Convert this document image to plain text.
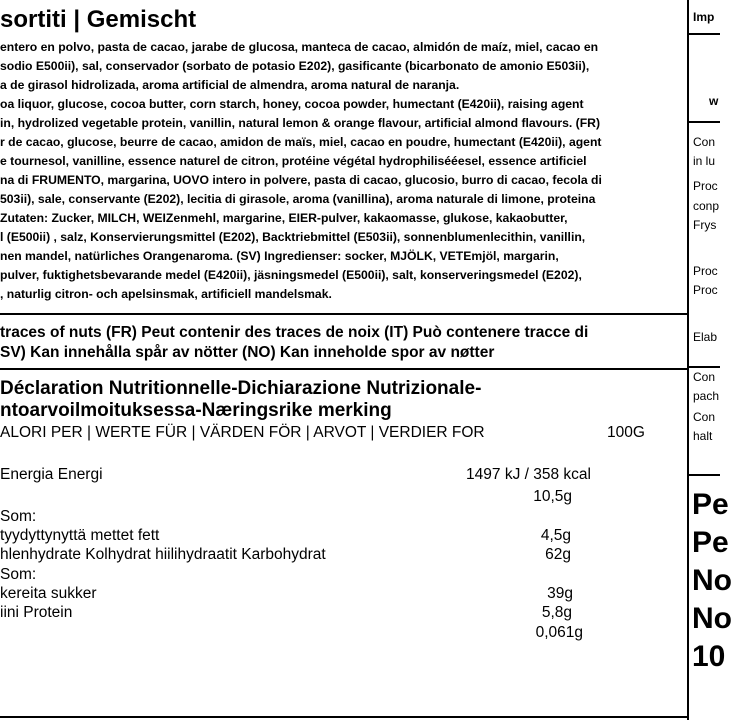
sortiti | Gemischt
entero en polvo, pasta de cacao, jarabe de glucosa, manteca de cacao, almidón de maíz, miel, cacao en
sodio E500ii), sal, conservador (sorbato de potasio E202), gasificante (bicarbonato de amonio E503ii),
a de girasol hidrolizada, aroma artificial de almendra, aroma natural de naranja.
oa liquor, glucose, cocoa butter, corn starch, honey, cocoa powder, humectant (E420ii), raising agent
in, hydrolized vegetable protein, vanillin, natural lemon & orange flavour, artificial almond flavours. (FR)
r de cacao, glucose, beurre de cacao, amidon de maïs, miel, cacao en poudre, humectant (E420ii), agent
e tournesol, vanilline, essence naturel de citron, protéine végétal hydrophilisééesel, essence artificiel
na di FRUMENTO, margarina, UOVO intero in polvere, pasta di cacao, glucosio, burro di cacao, fecola di
503ii), sale, conservante (E202), lecitia di girasole, aroma (vanillina), aroma naturale di limone, proteina
Zutaten: Zucker, MILCH, WEIZenmehl, margarine, EIER-pulver, kakaomasse, glukose, kakaobutter,
l (E500ii) , salz, Konservierungsmittel (E202), Backtriebmittel (E503ii), sonnenblumenlecithin, vanillin,
nen mandel, natürliches Orangenaroma. (SV) Ingredienser: socker, MJÖLK, VETEmjöl, margarin,
pulver, fuktighetsbevarande medel (E420ii), jäsningsmedel (E500ii), salt, konserveringsmedel (E202),
, naturlig citron- och apelsinsmak, artificiell mandelsmak.
traces of nuts (FR) Peut contenir des traces de noix (IT) Può contenere tracce di
SV) Kan innehålla spår av nötter (NO) Kan inneholde spor av nøtter
Déclaration Nutritionnelle-Dichiarazione Nutrizionale-
ntoarvoilmoituksessa-Næringsrike merking
ALORI PER | WERTE FÜR | VÄRDEN FÖR | ARVOT | VERDIER FOR	100G
Energia Energi	1497 kJ / 358 kcal
10,5g
Som:
tyydyttynyttä mettet fett	4,5g
hlenhydrate Kolhydrat hiilihydraatit Karbohydrat	62g
Som:
kereita sukker	39g
iini Protein	5,8g
0,061g
Imp
w
Con
in lu
Proc
conp
Frys
Proc
Proc
Elab
Con
pach
Con
halt
Pe
Pe
No
No
10
